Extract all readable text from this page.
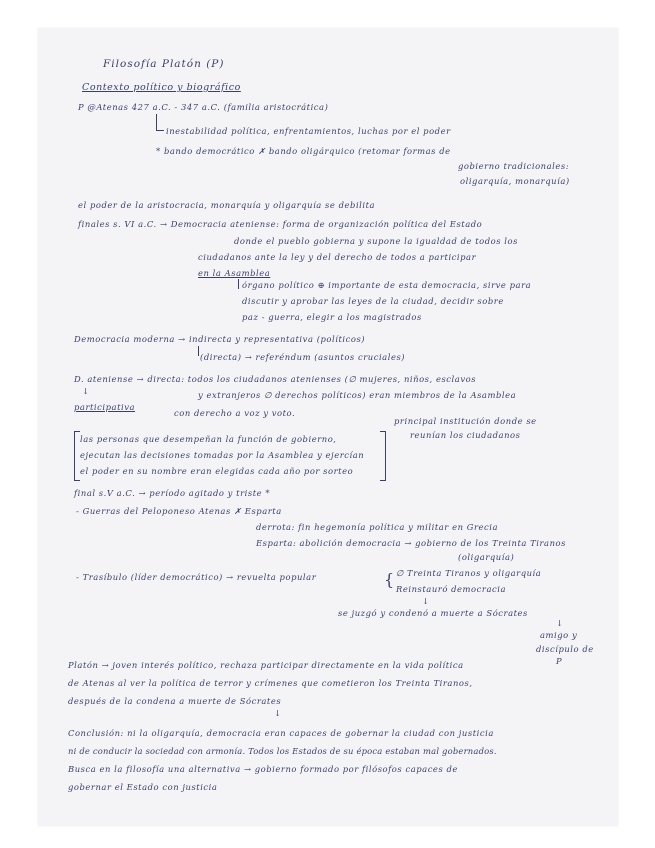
Filosofía Platón (P)
Contexto político y biográfico
P @Atenas 427 a.C. - 347 a.C. (familia aristocrática)
inestabilidad política, enfrentamientos, luchas por el poder
* bando democrático ✗ bando oligárquico (retomar formas de
gobierno tradicionales:
oligarquía, monarquía)
el poder de la aristocracia, monarquía y oligarquía se debilita
finales s. VI a.C. → Democracia ateniense: forma de organización política del Estado
donde el pueblo gobierna y supone la igualdad de todos los
ciudadanos ante la ley y del derecho de todos a participar
en la Asamblea
órgano político ⊕ importante de esta democracia, sirve para
discutir y aprobar las leyes de la ciudad, decidir sobre
paz - guerra, elegir a los magistrados
Democracia moderna → indirecta y representativa (políticos)
(directa) → referéndum (asuntos cruciales)
D. ateniense → directa: todos los ciudadanos atenienses (∅ mujeres, niños, esclavos
↓	y extranjeros ∅ derechos políticos) eran miembros de la Asamblea
participativa
con derecho a voz y voto.
principal institución donde se
reunían los ciudadanos
las personas que desempeñan la función de gobierno,
ejecutan las decisiones tomadas por la Asamblea y ejercían
el poder en su nombre eran elegidas cada año por sorteo
final s.V a.C. → período agitado y triste *
- Guerras del Peloponeso Atenas ✗ Esparta
derrota: fin hegemonía política y militar en Grecia
Esparta: abolición democracia → gobierno de los Treinta Tiranos
(oligarquía)
- Trasíbulo (líder democrático) → revuelta popular	{ ∅ Treinta Tiranos y oligarquía
Reinstauró democracia
↓
se juzgó y condenó a muerte a Sócrates
↓
amigo y
discípulo de
P
Platón → joven interés político, rechaza participar directamente en la vida política
de Atenas al ver la política de terror y crímenes que cometieron los Treinta Tiranos,
después de la condena a muerte de Sócrates
↓
Conclusión: ni la oligarquía, democracia eran capaces de gobernar la ciudad con justicia
ni de conducir la sociedad con armonía. Todos los Estados de su época estaban mal gobernados.
Busca en la filosofía una alternativa → gobierno formado por filósofos capaces de
gobernar el Estado con justicia
